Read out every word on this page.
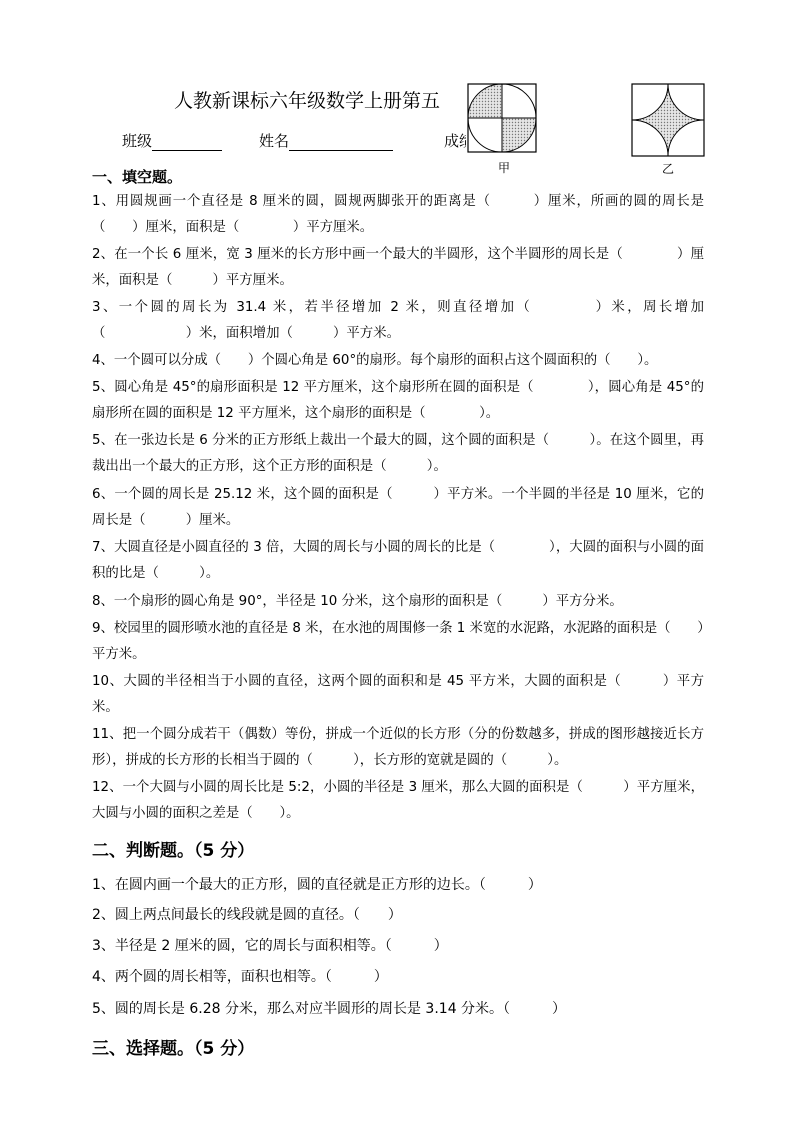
人教新课标六年级数学上册第五
班级	姓名	成绩
甲	乙
一、填空题。
1、用圆规画一个直径是 8 厘米的圆，圆规两脚张开的距离是（　　　）厘米，所画的圆的周长是（　　）厘米，面积是（　　　　）平方厘米。
2、在一个长 6 厘米，宽 3 厘米的长方形中画一个最大的半圆形，这个半圆形的周长是（　　　　）厘米，面积是（　　　）平方厘米。
3、一个圆的周长为 31.4 米，若半径增加 2 米，则直径增加（　　　　）米，周长增加（　　　　　　）米，面积增加（　　　）平方米。
4、一个圆可以分成（　　）个圆心角是 60°的扇形。每个扇形的面积占这个圆面积的（　　）。
5、圆心角是 45°的扇形面积是 12 平方厘米，这个扇形所在圆的面积是（　　　　），圆心角是 45°的扇形所在圆的面积是 12 平方厘米，这个扇形的面积是（　　　　）。
5、在一张边长是 6 分米的正方形纸上裁出一个最大的圆，这个圆的面积是（　　　）。在这个圆里，再裁出出一个最大的正方形，这个正方形的面积是（　　　）。
6、一个圆的周长是 25.12 米，这个圆的面积是（　　　）平方米。一个半圆的半径是 10 厘米，它的周长是（　　　）厘米。
7、大圆直径是小圆直径的 3 倍，大圆的周长与小圆的周长的比是（　　　　），大圆的面积与小圆的面积的比是（　　　）。
8、一个扇形的圆心角是 90°，半径是 10 分米，这个扇形的面积是（　　　）平方分米。
9、校园里的圆形喷水池的直径是 8 米，在水池的周围修一条 1 米宽的水泥路，水泥路的面积是（　　）平方米。
10、大圆的半径相当于小圆的直径，这两个圆的面积和是 45 平方米，大圆的面积是（　　　）平方米。
11、把一个圆分成若干（偶数）等份，拼成一个近似的长方形（分的份数越多，拼成的图形越接近长方形），拼成的长方形的长相当于圆的（　　　），长方形的宽就是圆的（　　　）。
12、一个大圆与小圆的周长比是 5:2，小圆的半径是 3 厘米，那么大圆的面积是（　　　）平方厘米，大圆与小圆的面积之差是（　　）。
二、判断题。（5 分）
1、在圆内画一个最大的正方形，圆的直径就是正方形的边长。（　　　）
2、圆上两点间最长的线段就是圆的直径。（　　）
3、半径是 2 厘米的圆，它的周长与面积相等。（　　　）
4、两个圆的周长相等，面积也相等。（　　　）
5、圆的周长是 6.28 分米，那么对应半圆形的周长是 3.14 分米。（　　　）
三、选择题。（5 分）
